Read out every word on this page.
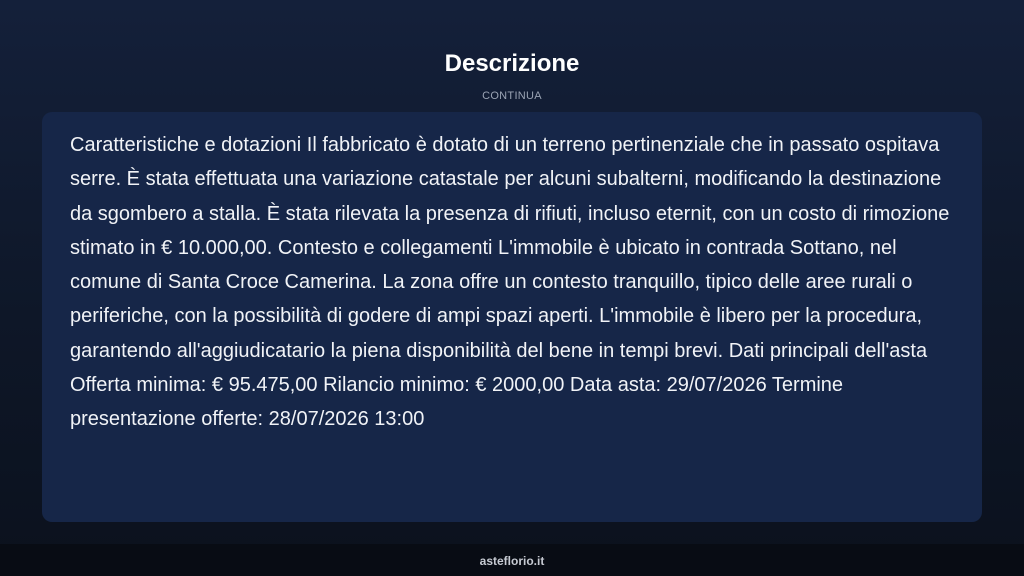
Descrizione
CONTINUA

Caratteristiche e dotazioni Il fabbricato è dotato di un terreno pertinenziale che in passato ospitava serre. È stata effettuata una variazione catastale per alcuni subalterni, modificando la destinazione da sgombero a stalla. È stata rilevata la presenza di rifiuti, incluso eternit, con un costo di rimozione stimato in € 10.000,00. Contesto e collegamenti L'immobile è ubicato in contrada Sottano, nel comune di Santa Croce Camerina. La zona offre un contesto tranquillo, tipico delle aree rurali o periferiche, con la possibilità di godere di ampi spazi aperti. L'immobile è libero per la procedura, garantendo all'aggiudicatario la piena disponibilità del bene in tempi brevi. Dati principali dell'asta Offerta minima: € 95.475,00 Rilancio minimo: € 2000,00 Data asta: 29/07/2026 Termine presentazione offerte: 28/07/2026 13:00

asteflorio.it
